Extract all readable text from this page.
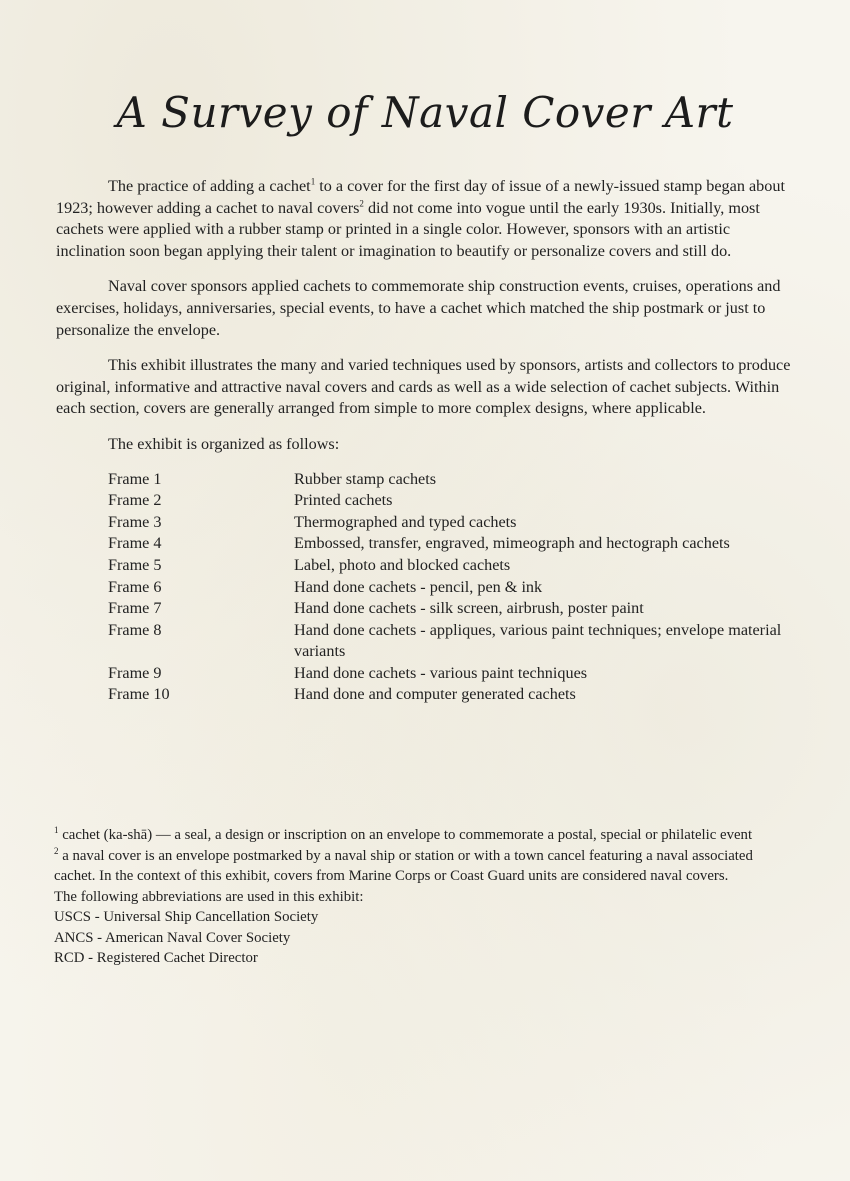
A Survey of Naval Cover Art

The practice of adding a cachet$^1$ to a cover for the first day of issue of a newly-issued stamp began about 1923; however adding a cachet to naval covers$^2$ did not come into vogue until the early 1930s. Initially, most cachets were applied with a rubber stamp or printed in a single color. However, sponsors with an artistic inclination soon began applying their talent or imagination to beautify or personalize covers and still do.

Naval cover sponsors applied cachets to commemorate ship construction events, cruises, operations and exercises, holidays, anniversaries, special events, to have a cachet which matched the ship postmark or just to personalize the envelope.

This exhibit illustrates the many and varied techniques used by sponsors, artists and collectors to produce original, informative and attractive naval covers and cards as well as a wide selection of cachet subjects. Within each section, covers are generally arranged from simple to more complex designs, where applicable.

The exhibit is organized as follows:

Frame 1	Rubber stamp cachets
Frame 2	Printed cachets
Frame 3	Thermographed and typed cachets
Frame 4	Embossed, transfer, engraved, mimeograph and hectograph cachets
Frame 5	Label, photo and blocked cachets
Frame 6	Hand done cachets - pencil, pen & ink
Frame 7	Hand done cachets - silk screen, airbrush, poster paint
Frame 8	Hand done cachets - appliques, various paint techniques; envelope material variants
Frame 9	Hand done cachets - various paint techniques
Frame 10	Hand done and computer generated cachets

$^1$ cachet (ka-shā) — a seal, a design or inscription on an envelope to commemorate a postal, special or philatelic event

$^2$ a naval cover is an envelope postmarked by a naval ship or station or with a town cancel featuring a naval associated cachet. In the context of this exhibit, covers from Marine Corps or Coast Guard units are considered naval covers.

The following abbreviations are used in this exhibit:

USCS - Universal Ship Cancellation Society

ANCS - American Naval Cover Society

RCD - Registered Cachet Director
